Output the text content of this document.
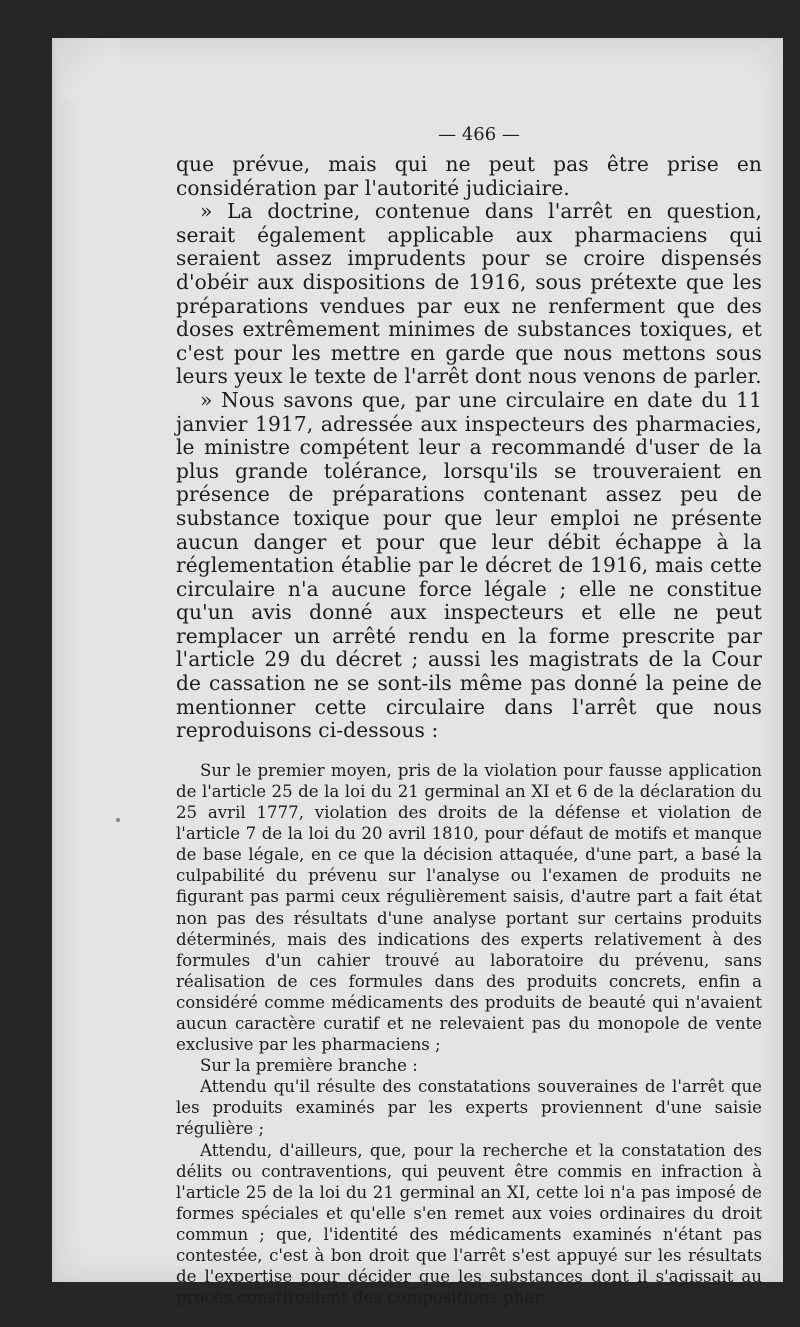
— 466 —

que prévue, mais qui ne peut pas être prise en considération par l'autorité judiciaire.

» La doctrine, contenue dans l'arrêt en question, serait également applicable aux pharmaciens qui seraient assez imprudents pour se croire dispensés d'obéir aux dispositions de 1916, sous prétexte que les préparations vendues par eux ne renferment que des doses extrêmement minimes de substances toxiques, et c'est pour les mettre en garde que nous mettons sous leurs yeux le texte de l'arrêt dont nous venons de parler.

» Nous savons que, par une circulaire en date du 11 janvier 1917, adressée aux inspecteurs des pharmacies, le ministre compétent leur a recommandé d'user de la plus grande tolérance, lorsqu'ils se trouveraient en présence de préparations contenant assez peu de substance toxique pour que leur emploi ne présente aucun danger et pour que leur débit échappe à la réglementation établie par le décret de 1916, mais cette circulaire n'a aucune force légale ; elle ne constitue qu'un avis donné aux inspecteurs et elle ne peut remplacer un arrêté rendu en la forme prescrite par l'article 29 du décret ; aussi les magistrats de la Cour de cassation ne se sont-ils même pas donné la peine de mentionner cette circulaire dans l'arrêt que nous reproduisons ci-dessous :

Sur le premier moyen, pris de la violation pour fausse application de l'article 25 de la loi du 21 germinal an XI et 6 de la déclaration du 25 avril 1777, violation des droits de la défense et violation de l'article 7 de la loi du 20 avril 1810, pour défaut de motifs et manque de base légale, en ce que la décision attaquée, d'une part, a basé la culpabilité du prévenu sur l'analyse ou l'examen de produits ne figurant pas parmi ceux régulièrement saisis, d'autre part a fait état non pas des résultats d'une analyse portant sur certains produits déterminés, mais des indications des experts relativement à des formules d'un cahier trouvé au laboratoire du prévenu, sans réalisation de ces formules dans des produits concrets, enfin a considéré comme médicaments des produits de beauté qui n'avaient aucun caractère curatif et ne relevaient pas du monopole de vente exclusive par les pharmaciens ;

Sur la première branche :

Attendu qu'il résulte des constatations souveraines de l'arrêt que les produits examinés par les experts proviennent d'une saisie régulière ;

Attendu, d'ailleurs, que, pour la recherche et la constatation des délits ou contraventions, qui peuvent être commis en infraction à l'article 25 de la loi du 21 germinal an XI, cette loi n'a pas imposé de formes spéciales et qu'elle s'en remet aux voies ordinaires du droit commun ; que, l'identité des médicaments examinés n'étant pas contestée, c'est à bon droit que l'arrêt s'est appuyé sur les résultats de l'expertise pour décider que les substances dont il s'agissait au procès constituaient des compositions phar-
